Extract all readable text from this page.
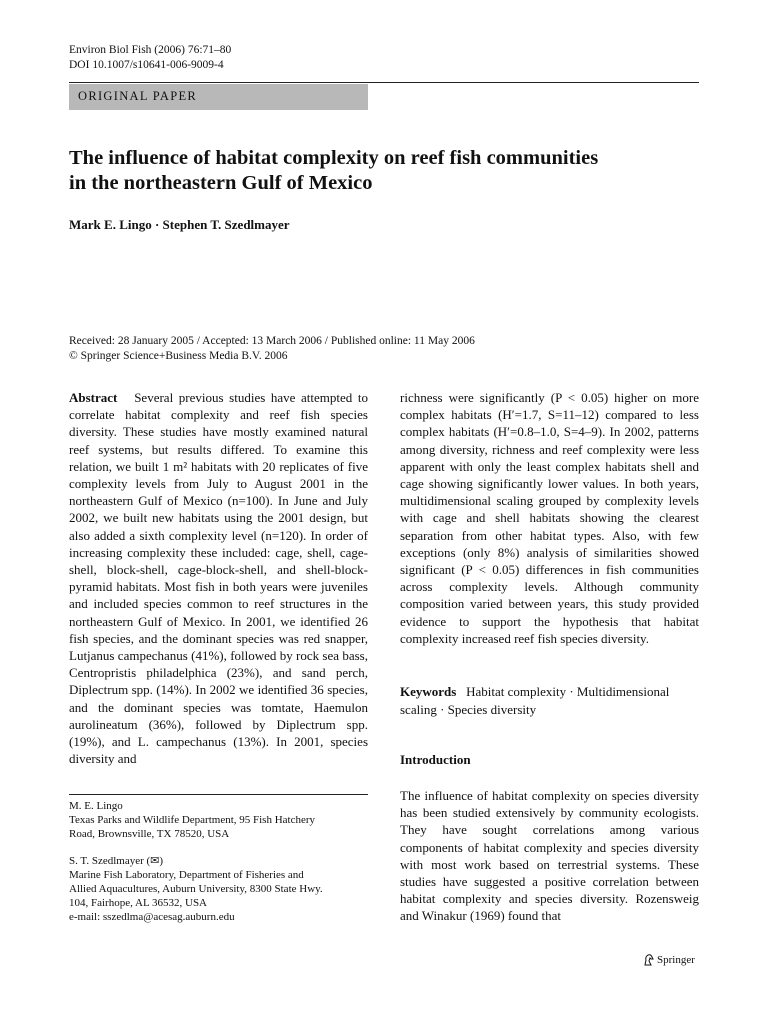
Environ Biol Fish (2006) 76:71–80
DOI 10.1007/s10641-006-9009-4
ORIGINAL PAPER
The influence of habitat complexity on reef fish communities
in the northeastern Gulf of Mexico
Mark E. Lingo · Stephen T. Szedlmayer
Received: 28 January 2005 / Accepted: 13 March 2006 / Published online: 11 May 2006
© Springer Science+Business Media B.V. 2006
Abstract Several previous studies have attempted to correlate habitat complexity and reef fish species diversity. These studies have mostly examined natural reef systems, but results differed. To examine this relation, we built 1 m² habitats with 20 replicates of five complexity levels from July to August 2001 in the northeastern Gulf of Mexico (n=100). In June and July 2002, we built new habitats using the 2001 design, but also added a sixth complexity level (n=120). In order of increasing complexity these included: cage, shell, cage-shell, block-shell, cage-block-shell, and shell-block-pyramid habitats. Most fish in both years were juveniles and included species common to reef structures in the northeastern Gulf of Mexico. In 2001, we identified 26 fish species, and the dominant species was red snapper, Lutjanus campechanus (41%), followed by rock sea bass, Centropristis philadelphica (23%), and sand perch, Diplectrum spp. (14%). In 2002 we identified 36 species, and the dominant species was tomtate, Haemulon aurolineatum (36%), followed by Diplectrum spp. (19%), and L. campechanus (13%). In 2001, species diversity and
richness were significantly (P < 0.05) higher on more complex habitats (H′=1.7, S=11–12) compared to less complex habitats (H′=0.8–1.0, S=4–9). In 2002, patterns among diversity, richness and reef complexity were less apparent with only the least complex habitats shell and cage showing significantly lower values. In both years, multidimensional scaling grouped by complexity levels with cage and shell habitats showing the clearest separation from other habitat types. Also, with few exceptions (only 8%) analysis of similarities showed significant (P < 0.05) differences in fish communities across complexity levels. Although community composition varied between years, this study provided evidence to support the hypothesis that habitat complexity increased reef fish species diversity.
Keywords Habitat complexity · Multidimensional scaling · Species diversity
Introduction
The influence of habitat complexity on species diversity has been studied extensively by community ecologists. They have sought correlations among various components of habitat complexity and species diversity with most work based on terrestrial systems. These studies have suggested a positive correlation between habitat complexity and species diversity. Rozensweig and Winakur (1969) found that
M. E. Lingo
Texas Parks and Wildlife Department, 95 Fish Hatchery
Road, Brownsville, TX 78520, USA
S. T. Szedlmayer (✉)
Marine Fish Laboratory, Department of Fisheries and
Allied Aquacultures, Auburn University, 8300 State Hwy.
104, Fairhope, AL 36532, USA
e-mail: sszedlma@acesag.auburn.edu
Springer
